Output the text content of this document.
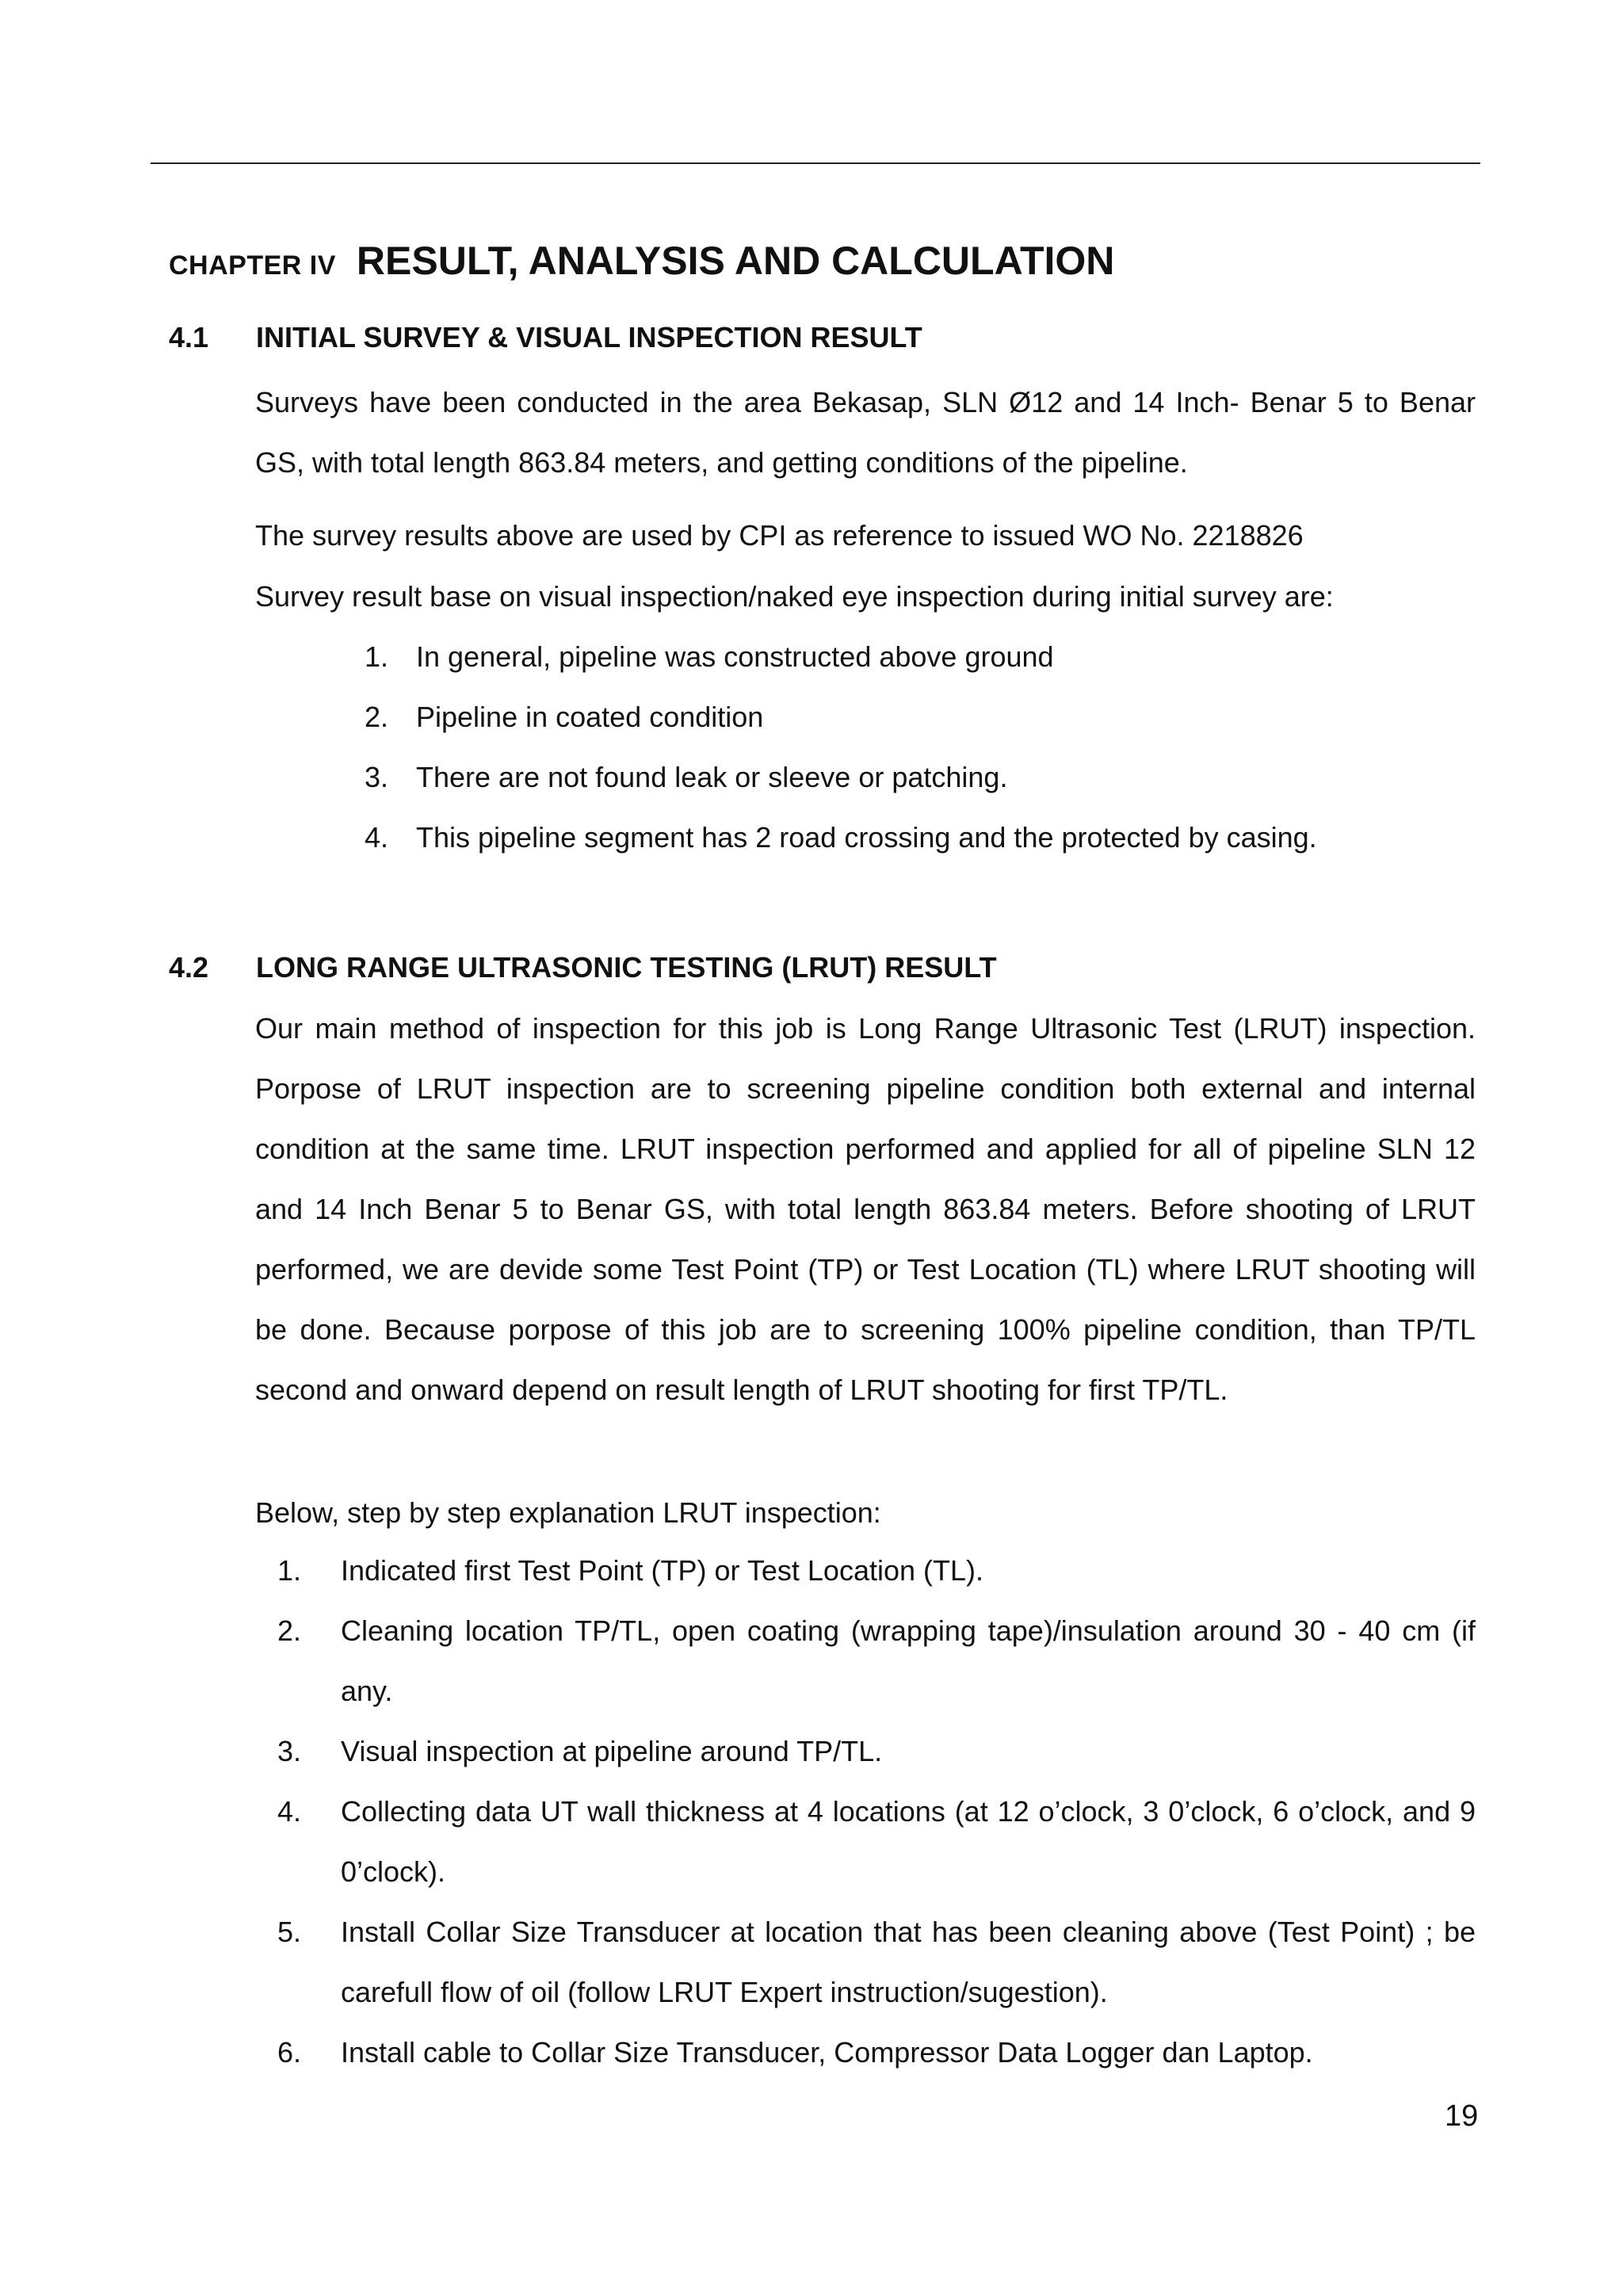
CHAPTER IV RESULT, ANALYSIS AND CALCULATION
4.1 INITIAL SURVEY & VISUAL INSPECTION RESULT
Surveys have been conducted in the area Bekasap, SLN Ø12 and 14 Inch- Benar 5 to Benar GS, with total length 863.84 meters, and getting conditions of the pipeline.
The survey results above are used by CPI as reference to issued WO No. 2218826
Survey result base on visual inspection/naked eye inspection during initial survey are:
1. In general, pipeline was constructed above ground
2. Pipeline in coated condition
3. There are not found leak or sleeve or patching.
4. This pipeline segment has 2 road crossing and the protected by casing.
4.2 LONG RANGE ULTRASONIC TESTING (LRUT) RESULT
Our main method of inspection for this job is Long Range Ultrasonic Test (LRUT) inspection. Porpose of LRUT inspection are to screening pipeline condition both external and internal condition at the same time. LRUT inspection performed and applied for all of pipeline SLN 12 and 14 Inch Benar 5 to Benar GS, with total length 863.84 meters. Before shooting of LRUT performed, we are devide some Test Point (TP) or Test Location (TL) where LRUT shooting will be done. Because porpose of this job are to screening 100% pipeline condition, than TP/TL second and onward depend on result length of LRUT shooting for first TP/TL.
Below, step by step explanation LRUT inspection:
1. Indicated first Test Point (TP) or Test Location (TL).
2. Cleaning location TP/TL, open coating (wrapping tape)/insulation around 30 - 40 cm (if any.
3. Visual inspection at pipeline around TP/TL.
4. Collecting data UT wall thickness at 4 locations (at 12 o’clock, 3 0’clock, 6 o’clock, and 9 0’clock).
5. Install Collar Size Transducer at location that has been cleaning above (Test Point) ; be carefull flow of oil (follow LRUT Expert instruction/sugestion).
6. Install cable to Collar Size Transducer, Compressor Data Logger dan Laptop.
19
